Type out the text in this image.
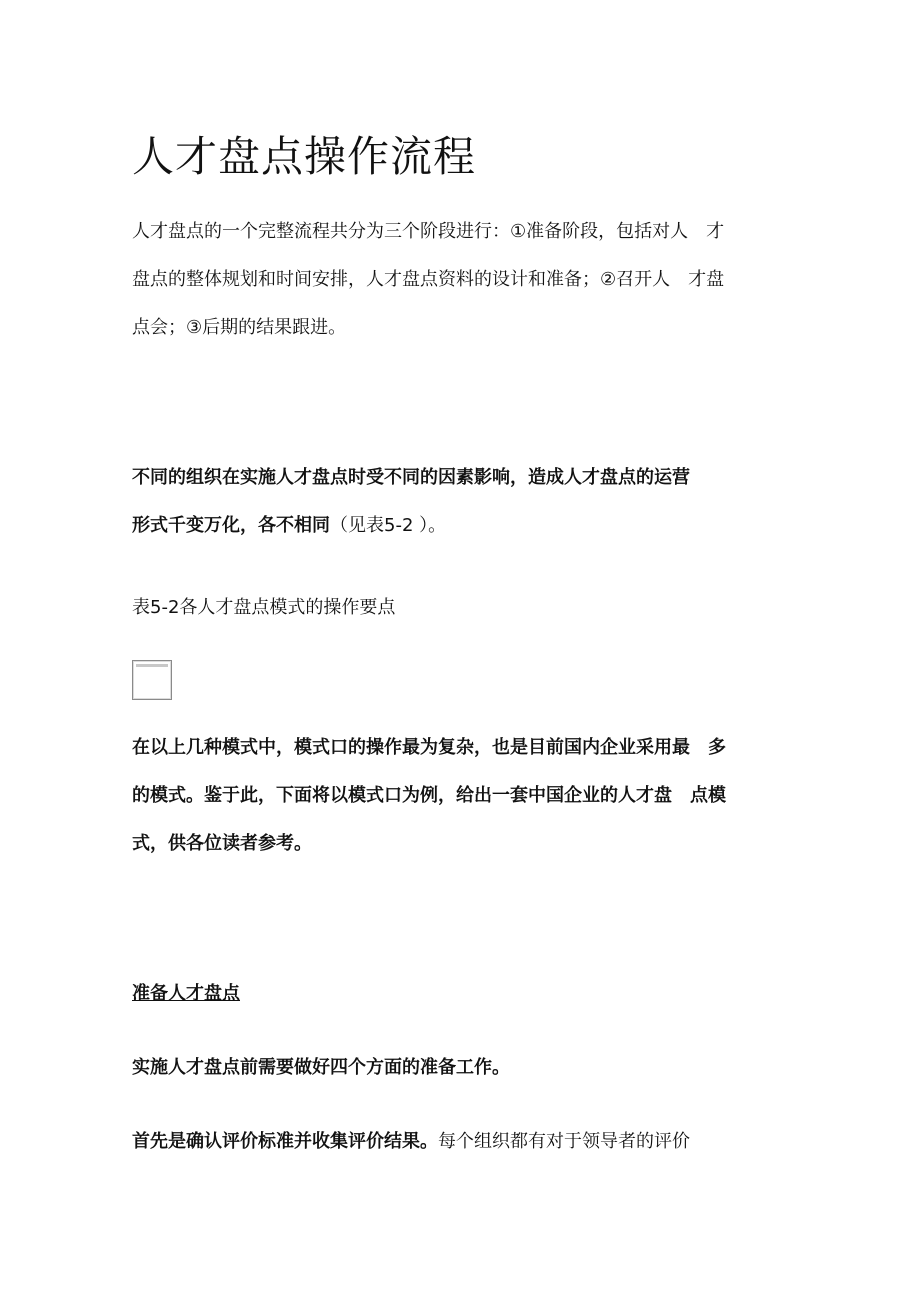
人才盘点操作流程
人才盘点的一个完整流程共分为三个阶段进行：①准备阶段，包括对人　才
盘点的整体规划和时间安排，人才盘点资料的设计和准备；②召开人　才盘
点会；③后期的结果跟进。
不同的组织在实施人才盘点时受不同的因素影响，造成人才盘点的运营
形式千变万化，各不相同（见表5-2 ）。
表5-2各人才盘点模式的操作要点
在以上几种模式中，模式口的操作最为复杂，也是目前国内企业采用最　多
的模式。鉴于此，下面将以模式口为例，给出一套中国企业的人才盘　点模
式，供各位读者参考。
准备人才盘点
实施人才盘点前需要做好四个方面的准备工作。
首先是确认评价标准并收集评价结果。每个组织都有对于领导者的评价
